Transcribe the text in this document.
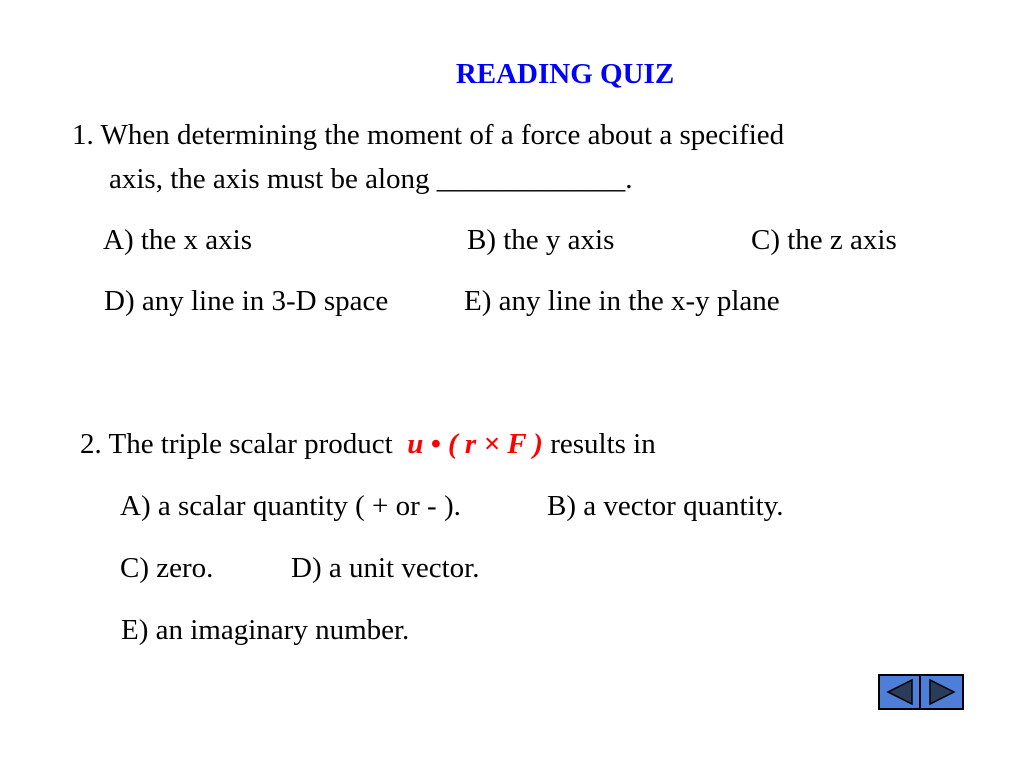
READING QUIZ
1. When determining the moment of a force about a specified
axis, the axis must be along _____________.
A) the x axis	B) the y axis	C) the z axis
D) any line in 3-D space	E) any line in the x-y plane
2. The triple scalar product u • ( r × F ) results in
A) a scalar quantity ( + or - ).	B) a vector quantity.
C) zero.	D) a unit vector.
E) an imaginary number.
